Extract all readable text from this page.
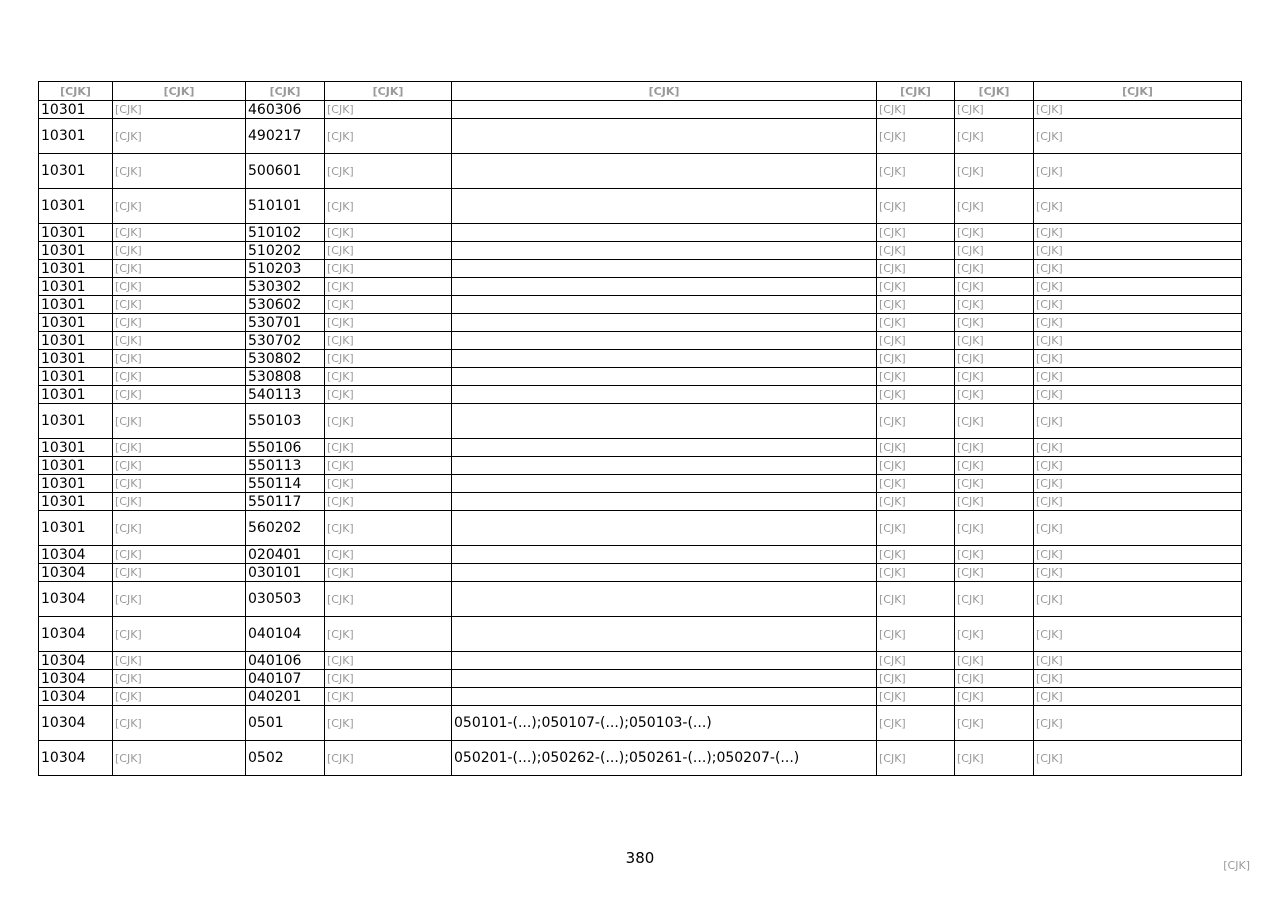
[CJK]	[CJK]	[CJK]	[CJK]	[CJK]	[CJK]	[CJK]	[CJK]
10301	[CJK]	460306	[CJK]		[CJK]	[CJK]	[CJK]
10301	[CJK]	490217	[CJK]		[CJK]	[CJK]	[CJK]
10301	[CJK]	500601	[CJK]		[CJK]	[CJK]	[CJK]
10301	[CJK]	510101	[CJK]		[CJK]	[CJK]	[CJK]
10301	[CJK]	510102	[CJK]		[CJK]	[CJK]	[CJK]
10301	[CJK]	510202	[CJK]		[CJK]	[CJK]	[CJK]
10301	[CJK]	510203	[CJK]		[CJK]	[CJK]	[CJK]
10301	[CJK]	530302	[CJK]		[CJK]	[CJK]	[CJK]
10301	[CJK]	530602	[CJK]		[CJK]	[CJK]	[CJK]
10301	[CJK]	530701	[CJK]		[CJK]	[CJK]	[CJK]
10301	[CJK]	530702	[CJK]		[CJK]	[CJK]	[CJK]
10301	[CJK]	530802	[CJK]		[CJK]	[CJK]	[CJK]
10301	[CJK]	530808	[CJK]		[CJK]	[CJK]	[CJK]
10301	[CJK]	540113	[CJK]		[CJK]	[CJK]	[CJK]
10301	[CJK]	550103	[CJK]		[CJK]	[CJK]	[CJK]
10301	[CJK]	550106	[CJK]		[CJK]	[CJK]	[CJK]
10301	[CJK]	550113	[CJK]		[CJK]	[CJK]	[CJK]
10301	[CJK]	550114	[CJK]		[CJK]	[CJK]	[CJK]
10301	[CJK]	550117	[CJK]		[CJK]	[CJK]	[CJK]
10301	[CJK]	560202	[CJK]		[CJK]	[CJK]	[CJK]
10304	[CJK]	020401	[CJK]		[CJK]	[CJK]	[CJK]
10304	[CJK]	030101	[CJK]		[CJK]	[CJK]	[CJK]
10304	[CJK]	030503	[CJK]		[CJK]	[CJK]	[CJK]
10304	[CJK]	040104	[CJK]		[CJK]	[CJK]	[CJK]
10304	[CJK]	040106	[CJK]		[CJK]	[CJK]	[CJK]
10304	[CJK]	040107	[CJK]		[CJK]	[CJK]	[CJK]
10304	[CJK]	040201	[CJK]		[CJK]	[CJK]	[CJK]
10304	[CJK]	0501	[CJK]	050101-(...);050107-(...);050103-(...)	[CJK]	[CJK]	[CJK]
10304	[CJK]	0502	[CJK]	050201-(...);050262-(...);050261-(...);050207-(...)	[CJK]	[CJK]	[CJK]
380	[CJK]
